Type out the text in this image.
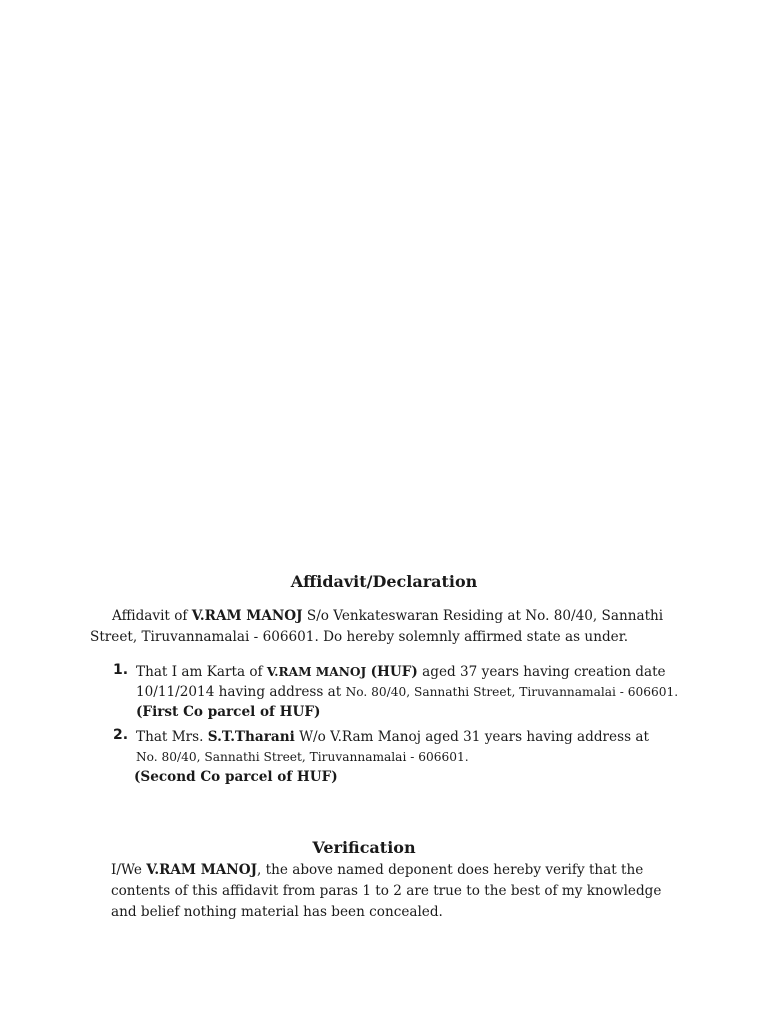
Affidavit/Declaration
Affidavit of V.RAM MANOJ S/o Venkateswaran Residing at No. 80/40, Sannathi Street, Tiruvannamalai - 606601. Do hereby solemnly affirmed state as under.
1. That I am Karta of V.RAM MANOJ (HUF) aged 37 years having creation date 10/11/2014 having address at No. 80/40, Sannathi Street, Tiruvannamalai - 606601.
(First Co parcel of HUF)
2. That Mrs. S.T.Tharani W/o V.Ram Manoj aged 31 years having address at
No. 80/40, Sannathi Street, Tiruvannamalai - 606601.
(Second Co parcel of HUF)
Verification
I/We V.RAM MANOJ, the above named deponent does hereby verify that the contents of this affidavit from paras 1 to 2 are true to the best of my knowledge and belief nothing material has been concealed.
